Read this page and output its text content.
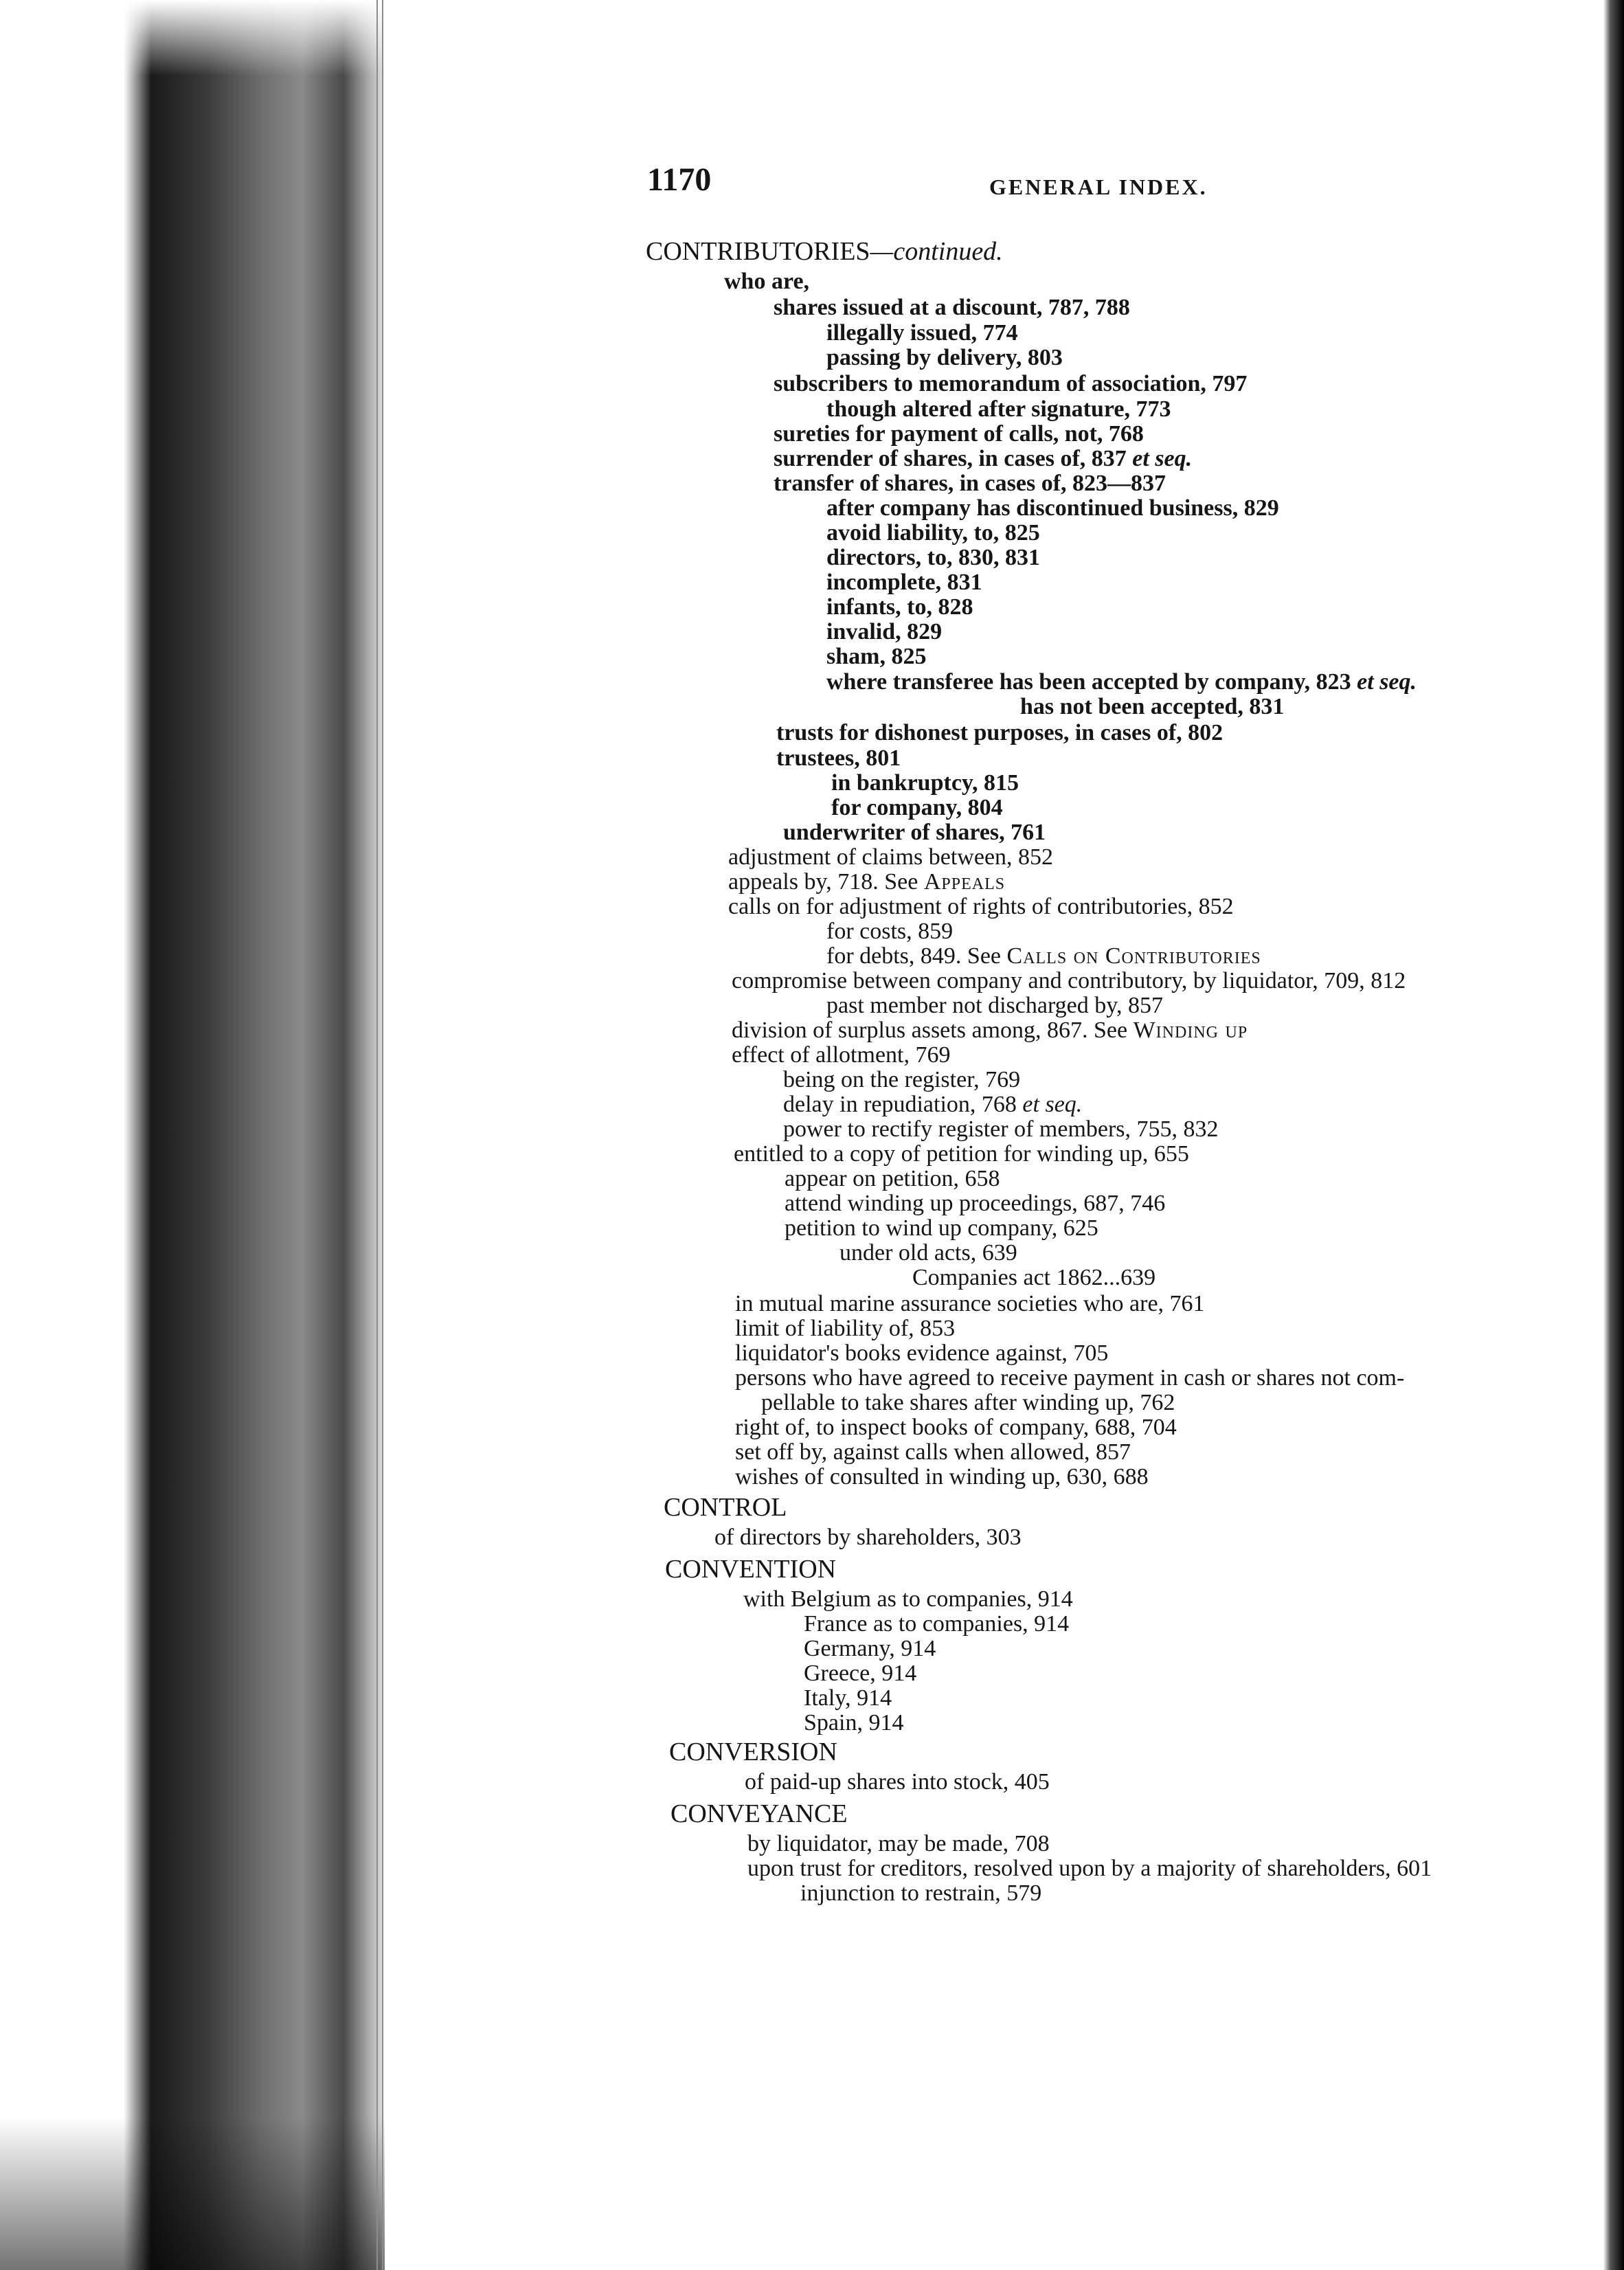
1170	GENERAL INDEX.
CONTRIBUTORIES—continued.
who are,
shares issued at a discount, 787, 788
illegally issued, 774
passing by delivery, 803
subscribers to memorandum of association, 797
though altered after signature, 773
sureties for payment of calls, not, 768
surrender of shares, in cases of, 837 et seq.
transfer of shares, in cases of, 823—837
after company has discontinued business, 829
avoid liability, to, 825
directors, to, 830, 831
incomplete, 831
infants, to, 828
invalid, 829
sham, 825
where transferee has been accepted by company, 823 et seq.
has not been accepted, 831
trusts for dishonest purposes, in cases of, 802
trustees, 801
in bankruptcy, 815
for company, 804
underwriter of shares, 761
adjustment of claims between, 852
appeals by, 718. See Appeals
calls on for adjustment of rights of contributories, 852
for costs, 859
for debts, 849. See Calls on Contributories
compromise between company and contributory, by liquidator, 709, 812
past member not discharged by, 857
division of surplus assets among, 867. See Winding up
effect of allotment, 769
being on the register, 769
delay in repudiation, 768 et seq.
power to rectify register of members, 755, 832
entitled to a copy of petition for winding up, 655
appear on petition, 658
attend winding up proceedings, 687, 746
petition to wind up company, 625
under old acts, 639
Companies act 1862...639
in mutual marine assurance societies who are, 761
limit of liability of, 853
liquidator's books evidence against, 705
persons who have agreed to receive payment in cash or shares not com-
pellable to take shares after winding up, 762
right of, to inspect books of company, 688, 704
set off by, against calls when allowed, 857
wishes of consulted in winding up, 630, 688
CONTROL
of directors by shareholders, 303
CONVENTION
with Belgium as to companies, 914
France as to companies, 914
Germany, 914
Greece, 914
Italy, 914
Spain, 914
CONVERSION
of paid-up shares into stock, 405
CONVEYANCE
by liquidator, may be made, 708
upon trust for creditors, resolved upon by a majority of shareholders, 601
injunction to restrain, 579
